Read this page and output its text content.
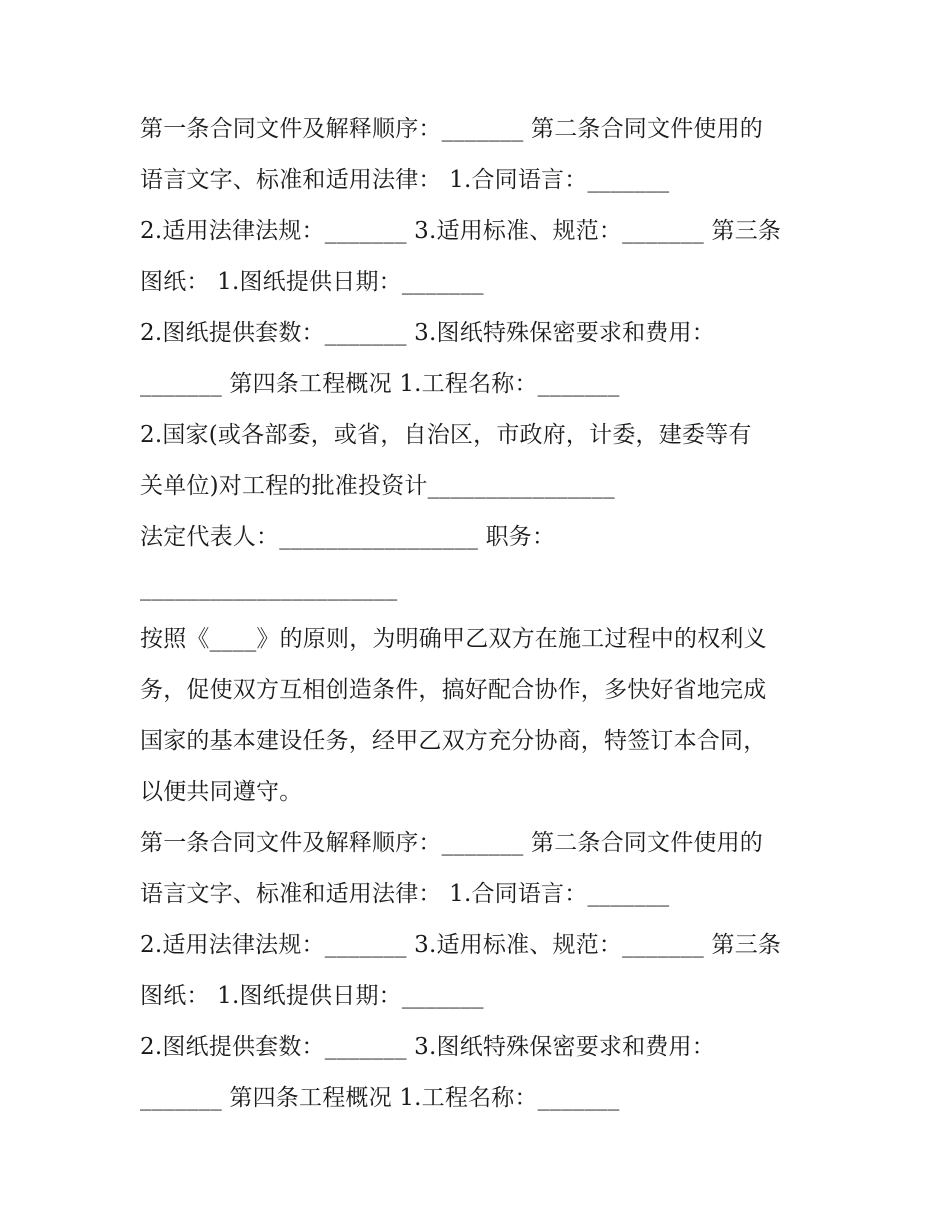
第一条合同文件及解释顺序：_______ 第二条合同文件使用的
语言文字、标准和适用法律： 1.合同语言：_______
2.适用法律法规：_______ 3.适用标准、规范：_______ 第三条
图纸： 1.图纸提供日期：_______
2.图纸提供套数：_______ 3.图纸特殊保密要求和费用：
_______ 第四条工程概况 1.工程名称：_______
2.国家(或各部委，或省，自治区，市政府，计委，建委等有
关单位)对工程的批准投资计________________
法定代表人：_________________ 职务：
______________________
按照《____》的原则，为明确甲乙双方在施工过程中的权利义
务，促使双方互相创造条件，搞好配合协作，多快好省地完成
国家的基本建设任务，经甲乙双方充分协商，特签订本合同，
以便共同遵守。
第一条合同文件及解释顺序：_______ 第二条合同文件使用的
语言文字、标准和适用法律： 1.合同语言：_______
2.适用法律法规：_______ 3.适用标准、规范：_______ 第三条
图纸： 1.图纸提供日期：_______
2.图纸提供套数：_______ 3.图纸特殊保密要求和费用：
_______ 第四条工程概况 1.工程名称：_______
